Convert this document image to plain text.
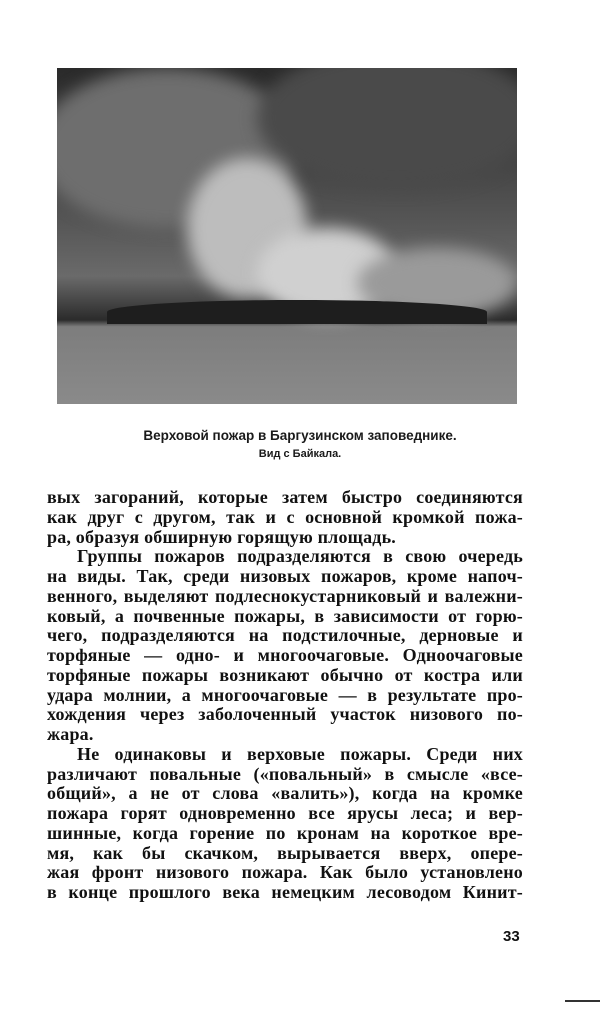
Верховой пожар в Баргузинском заповеднике.
Вид с Байкала.
вых загораний, которые затем быстро соединяются
как друг с другом, так и с основной кромкой пожа-
ра, образуя обширную горящую площадь.
Группы пожаров подразделяются в свою очередь
на виды. Так, среди низовых пожаров, кроме напоч-
венного, выделяют подлеснокустарниковый и валежни-
ковый, а почвенные пожары, в зависимости от горю-
чего, подразделяются на подстилочные, дерновые и
торфяные — одно- и многоочаговые. Одноочаговые
торфяные пожары возникают обычно от костра или
удара молнии, а многоочаговые — в результате про-
хождения через заболоченный участок низового по-
жара.
Не одинаковы и верховые пожары. Среди них
различают повальные («повальный» в смысле «все-
общий», а не от слова «валить»), когда на кромке
пожара горят одновременно все ярусы леса; и вер-
шинные, когда горение по кронам на короткое вре-
мя, как бы скачком, вырывается вверх, опере-
жая фронт низового пожара. Как было установлено
в конце прошлого века немецким лесоводом Кинит-
33
